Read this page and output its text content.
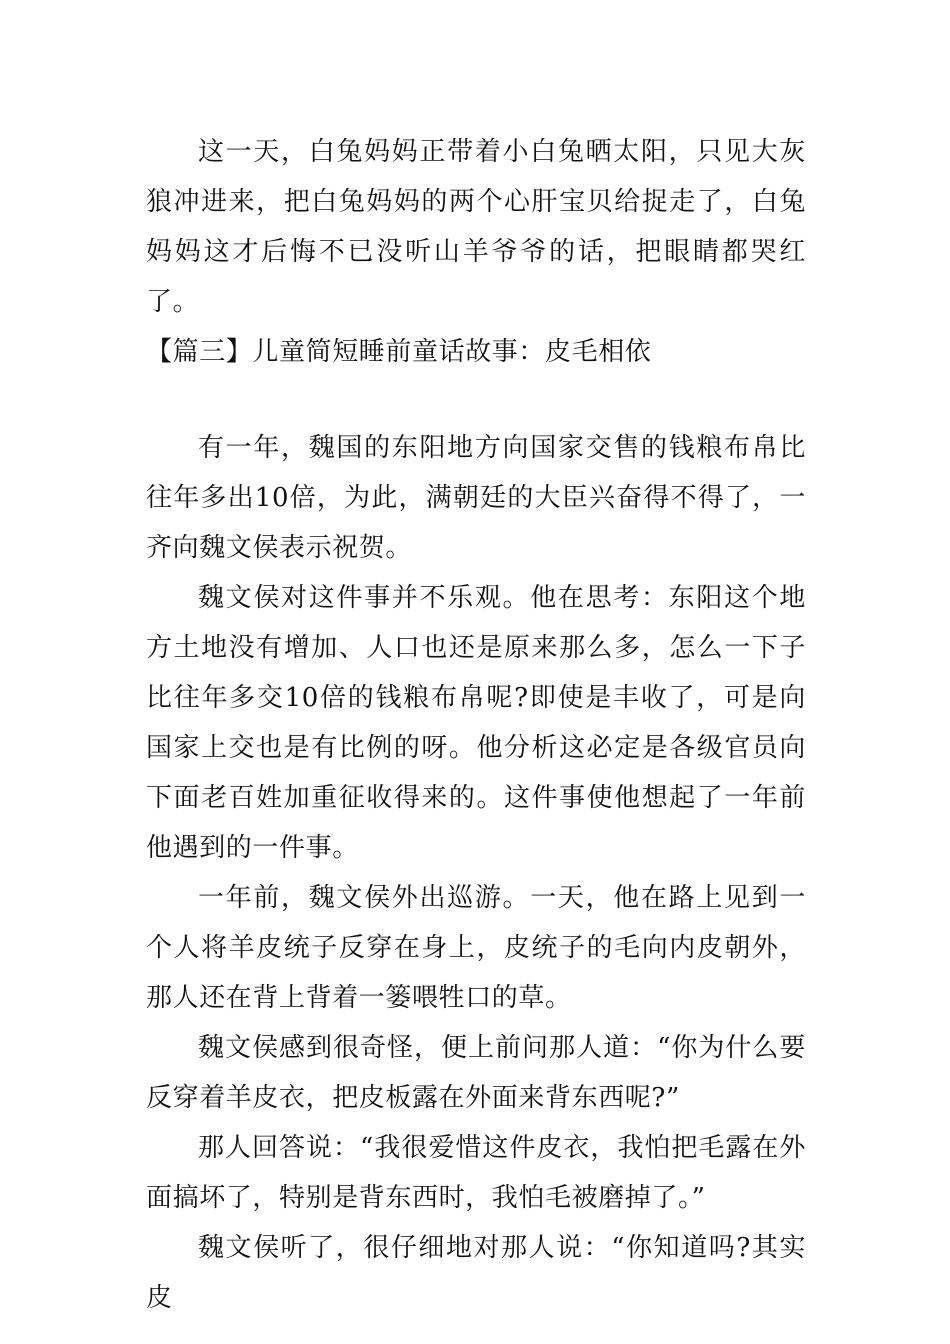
这一天，白兔妈妈正带着小白兔晒太阳，只见大灰狼冲进来，把白兔妈妈的两个心肝宝贝给捉走了，白兔妈妈这才后悔不已没听山羊爷爷的话，把眼睛都哭红了。

【篇三】儿童简短睡前童话故事：皮毛相依

有一年，魏国的东阳地方向国家交售的钱粮布帛比往年多出10倍，为此，满朝廷的大臣兴奋得不得了，一齐向魏文侯表示祝贺。

魏文侯对这件事并不乐观。他在思考：东阳这个地方土地没有增加、人口也还是原来那么多，怎么一下子比往年多交10倍的钱粮布帛呢?即使是丰收了，可是向国家上交也是有比例的呀。他分析这必定是各级官员向下面老百姓加重征收得来的。这件事使他想起了一年前他遇到的一件事。

一年前，魏文侯外出巡游。一天，他在路上见到一个人将羊皮统子反穿在身上，皮统子的毛向内皮朝外，那人还在背上背着一篓喂牲口的草。

魏文侯感到很奇怪，便上前问那人道：“你为什么要反穿着羊皮衣，把皮板露在外面来背东西呢?”

那人回答说：“我很爱惜这件皮衣，我怕把毛露在外面搞坏了，特别是背东西时，我怕毛被磨掉了。”

魏文侯听了，很仔细地对那人说：“你知道吗?其实皮
